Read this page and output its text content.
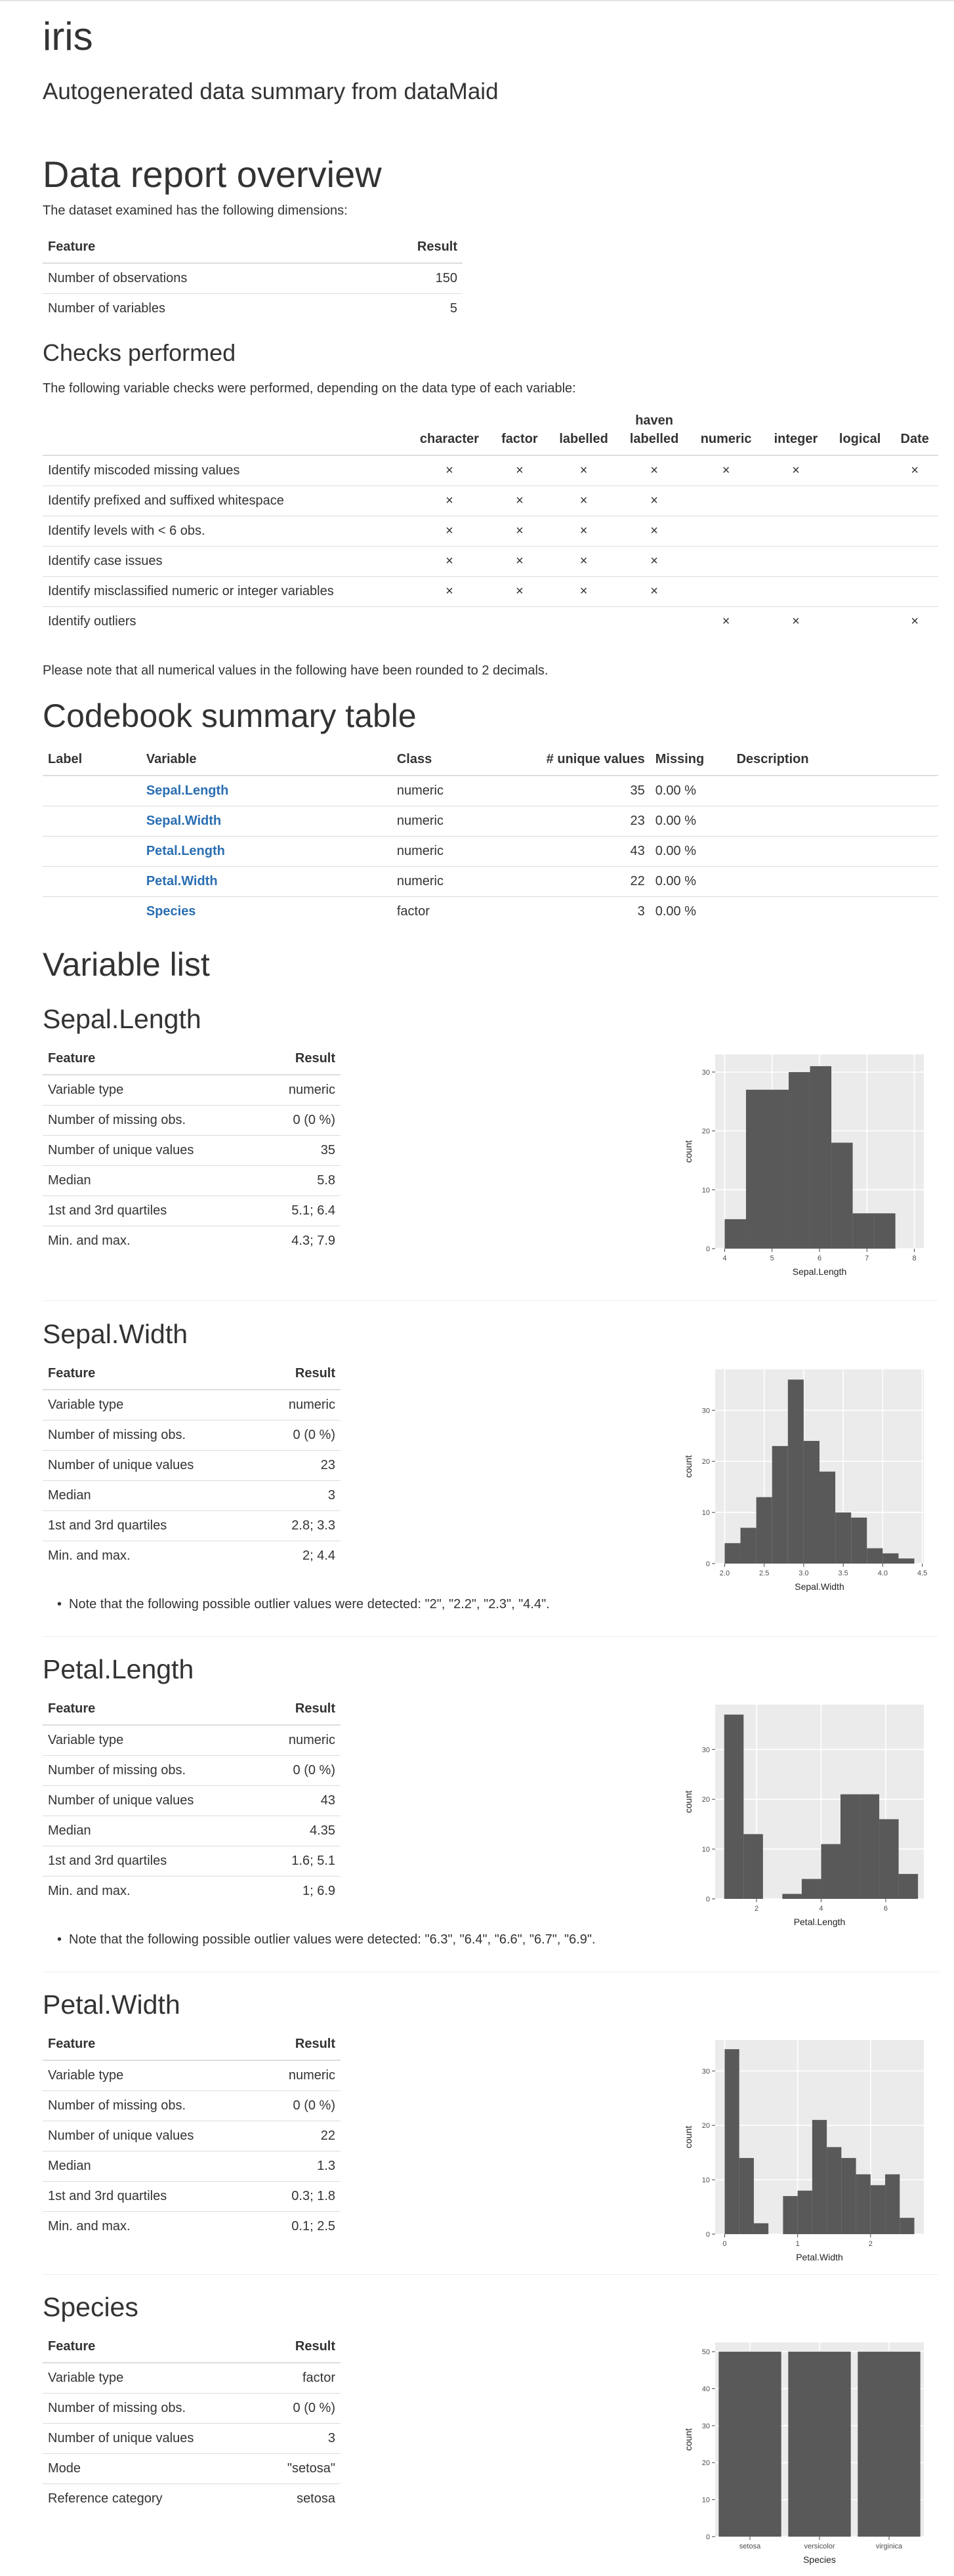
iris
Autogenerated data summary from dataMaid
Data report overview
The dataset examined has the following dimensions:
Feature	Result
Number of observations	150
Number of variables	5
Checks performed
The following variable checks were performed, depending on the data type of each variable:
	character	factor	labelled	haven labelled	numeric	integer	logical	Date
Identify miscoded missing values	×	×	×	×	×	×		×
Identify prefixed and suffixed whitespace	×	×	×	×				
Identify levels with < 6 obs.	×	×	×	×				
Identify case issues	×	×	×	×				
Identify misclassified numeric or integer variables	×	×	×	×				
Identify outliers					×	×		×
Please note that all numerical values in the following have been rounded to 2 decimals.
Codebook summary table
Label	Variable	Class	# unique values	Missing	Description
	Sepal.Length	numeric	35	0.00 %	
	Sepal.Width	numeric	23	0.00 %	
	Petal.Length	numeric	43	0.00 %	
	Petal.Width	numeric	22	0.00 %	
	Species	factor	3	0.00 %	
Variable list
Sepal.Length
Feature	Result
Variable type	numeric
Number of missing obs.	0 (0 %)
Number of unique values	35
Median	5.8
1st and 3rd quartiles	5.1; 6.4
Min. and max.	4.3; 7.9
0
10
20
30
4	5	6	7	8
Sepal.Length
count
Sepal.Width
Feature	Result
Variable type	numeric
Number of missing obs.	0 (0 %)
Number of unique values	23
Median	3
1st and 3rd quartiles	2.8; 3.3
Min. and max.	2; 4.4
• Note that the following possible outlier values were detected: "2", "2.2", "2.3", "4.4".
0
10
20
30
2.0	2.5	3.0	3.5	4.0	4.5
Sepal.Width
count
Petal.Length
Feature	Result
Variable type	numeric
Number of missing obs.	0 (0 %)
Number of unique values	43
Median	4.35
1st and 3rd quartiles	1.6; 5.1
Min. and max.	1; 6.9
• Note that the following possible outlier values were detected: "6.3", "6.4", "6.6", "6.7", "6.9".
0
10
20
30
2	4	6
Petal.Length
count
Petal.Width
Feature	Result
Variable type	numeric
Number of missing obs.	0 (0 %)
Number of unique values	22
Median	1.3
1st and 3rd quartiles	0.3; 1.8
Min. and max.	0.1; 2.5
0
10
20
30
0	1	2
Petal.Width
count
Species
Feature	Result
Variable type	factor
Number of missing obs.	0 (0 %)
Number of unique values	3
Mode	"setosa"
Reference category	setosa
0
10
20
30
40
50
setosa	versicolor	virginica
Species
count
